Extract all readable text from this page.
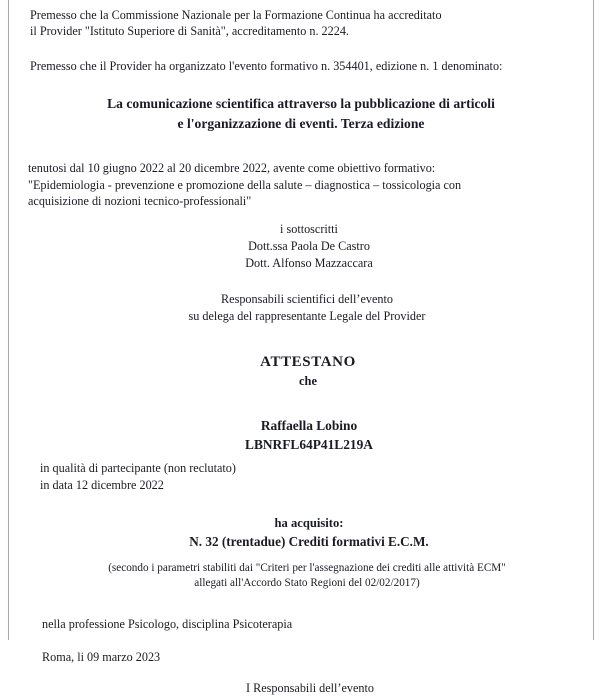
Premesso che la Commissione Nazionale per la Formazione Continua ha accreditato
il Provider "Istituto Superiore di Sanità", accreditamento n. 2224.
Premesso che il Provider ha organizzato l'evento formativo n. 354401, edizione n. 1 denominato:
La comunicazione scientifica attraverso la pubblicazione di articoli
e l'organizzazione di eventi. Terza edizione
tenutosi dal 10 giugno 2022 al 20 dicembre 2022, avente come obiettivo formativo:
"Epidemiologia - prevenzione e promozione della salute – diagnostica – tossicologia con
acquisizione di nozioni tecnico-professionali"
i sottoscritti
Dott.ssa Paola De Castro
Dott. Alfonso Mazzaccara
Responsabili scientifici dell’evento
su delega del rappresentante Legale del Provider
ATTESTANO
che
Raffaella Lobino
LBNRFL64P41L219A
in qualità di partecipante (non reclutato)
in data 12 dicembre 2022
ha acquisito:
N. 32 (trentadue) Crediti formativi E.C.M.
(secondo i parametri stabiliti dai "Criteri per l'assegnazione dei crediti alle attività ECM"
allegati all'Accordo Stato Regioni del 02/02/2017)
nella professione Psicologo, disciplina Psicoterapia
Roma, li 09 marzo 2023
I Responsabili dell’evento
